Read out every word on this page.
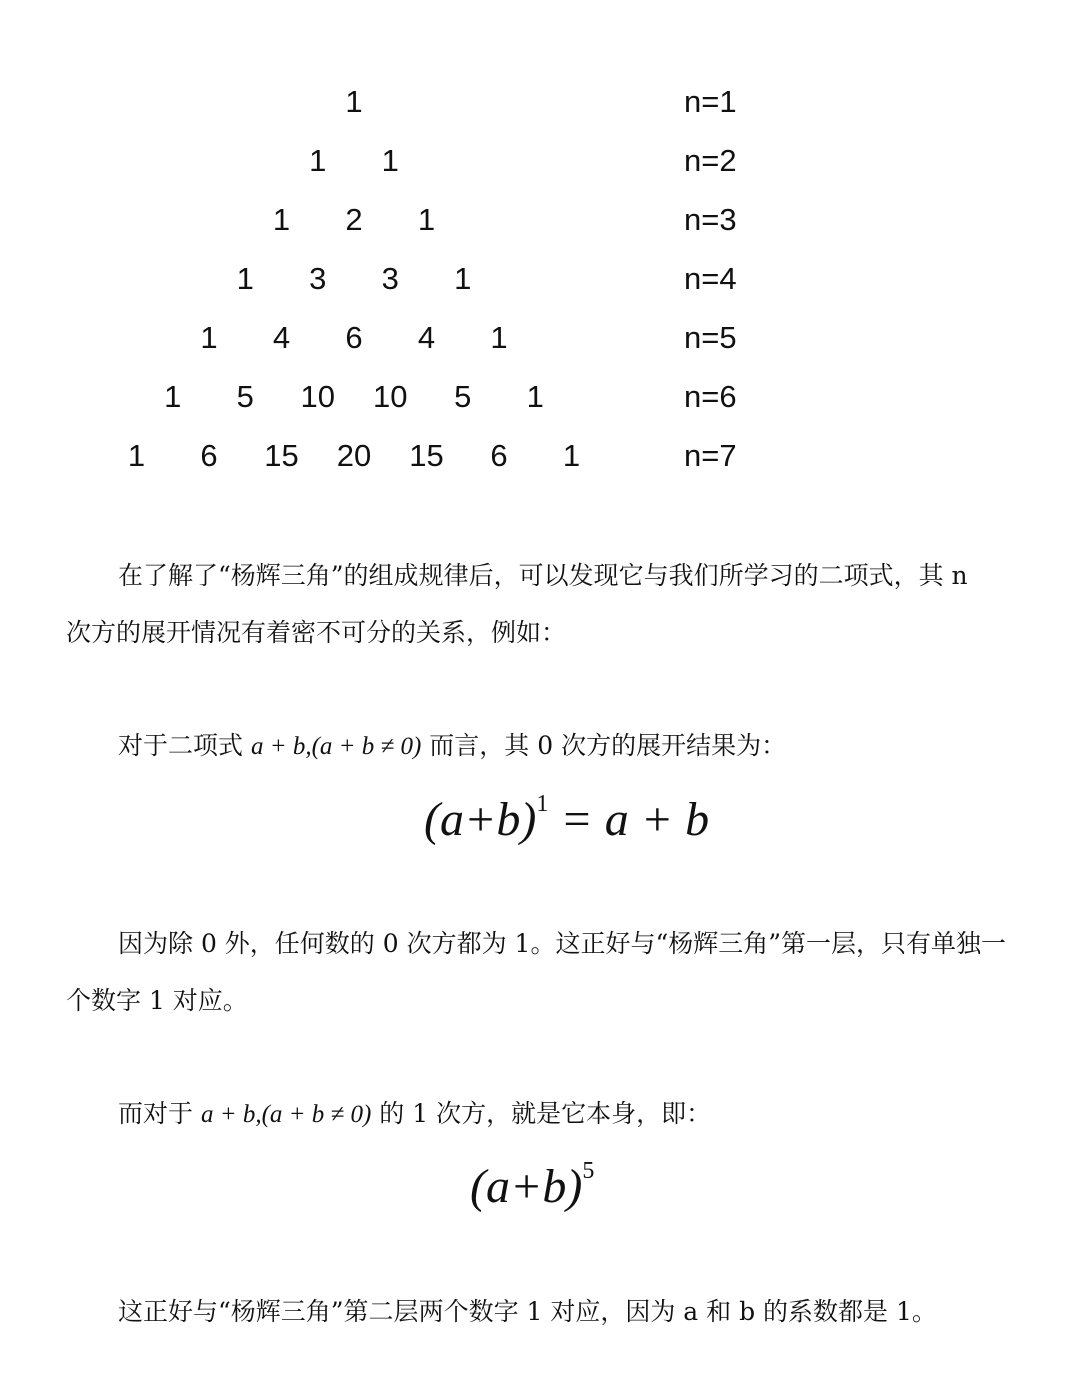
1	n=1
1 1	n=2
1 2 1	n=3
1 3 3 1	n=4
1 4 6 4 1	n=5
1 5 10 10 5 1	n=6
1 6 15 20 15 6 1	n=7
在了解了“杨辉三角”的组成规律后，可以发现它与我们所学习的二项式，其 n
次方的展开情况有着密不可分的关系，例如：
对于二项式 a + b,(a + b ≠ 0) 而言，其 0 次方的展开结果为：
$(a+b)^1 = a + b$
因为除 0 外，任何数的 0 次方都为 1。这正好与“杨辉三角”第一层，只有单独一
个数字 1 对应。
而对于 a + b,(a + b ≠ 0) 的 1 次方，就是它本身，即：
$(a+b)^5$
这正好与“杨辉三角”第二层两个数字 1 对应，因为 a 和 b 的系数都是 1。
